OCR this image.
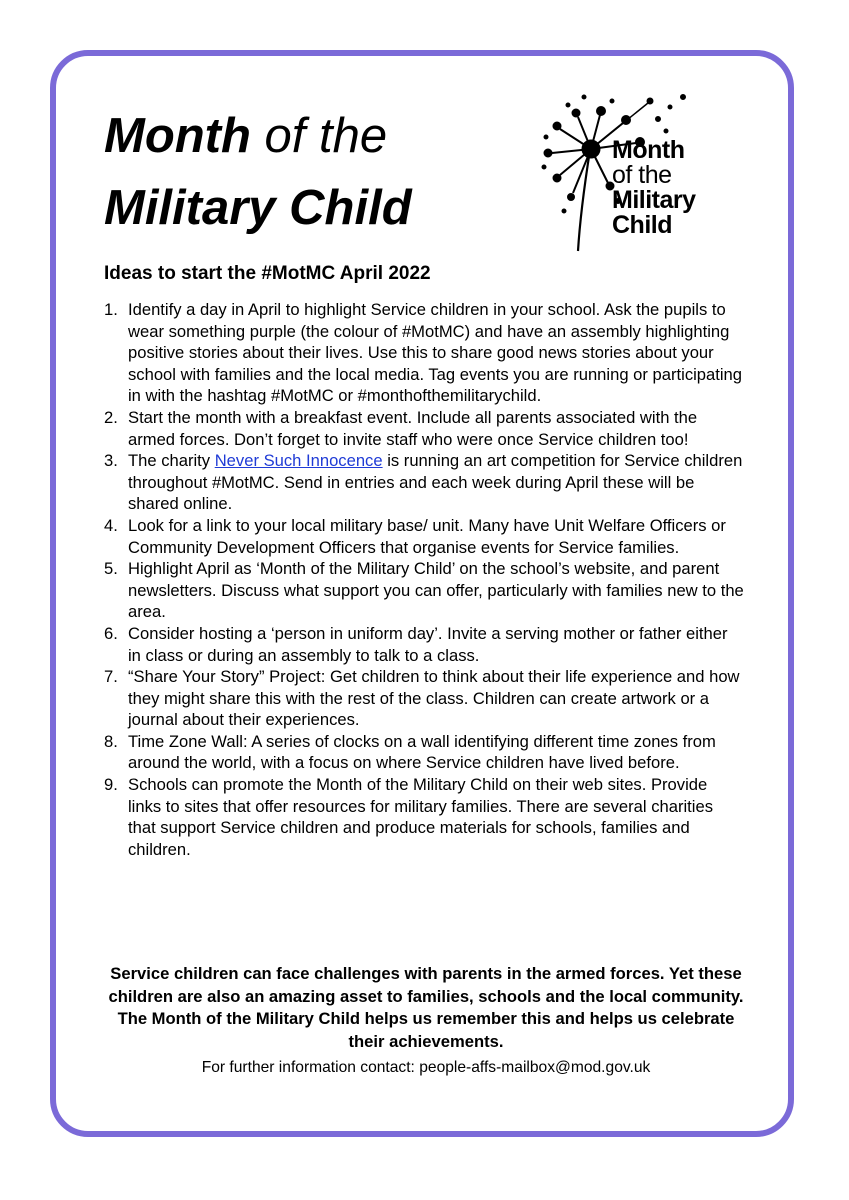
Month of the
Military Child
Month
of the
Military
Child
Ideas to start the #MotMC April 2022
1. Identify a day in April to highlight Service children in your school. Ask the pupils to wear something purple (the colour of #MotMC) and have an assembly highlighting positive stories about their lives. Use this to share good news stories about your school with families and the local media. Tag events you are running or participating in with the hashtag #MotMC or #monthofthemilitarychild.
2. Start the month with a breakfast event. Include all parents associated with the armed forces. Don’t forget to invite staff who were once Service children too!
3. The charity Never Such Innocence is running an art competition for Service children throughout #MotMC. Send in entries and each week during April these will be shared online.
4. Look for a link to your local military base/ unit. Many have Unit Welfare Officers or Community Development Officers that organise events for Service families.
5. Highlight April as ‘Month of the Military Child’ on the school’s website, and parent newsletters. Discuss what support you can offer, particularly with families new to the area.
6. Consider hosting a ‘person in uniform day’. Invite a serving mother or father either in class or during an assembly to talk to a class.
7. “Share Your Story” Project: Get children to think about their life experience and how they might share this with the rest of the class. Children can create artwork or a journal about their experiences.
8. Time Zone Wall: A series of clocks on a wall identifying different time zones from around the world, with a focus on where Service children have lived before.
9. Schools can promote the Month of the Military Child on their web sites. Provide links to sites that offer resources for military families. There are several charities that support Service children and produce materials for schools, families and children.
Service children can face challenges with parents in the armed forces. Yet these children are also an amazing asset to families, schools and the local community. The Month of the Military Child helps us remember this and helps us celebrate their achievements.
For further information contact: people-affs-mailbox@mod.gov.uk
